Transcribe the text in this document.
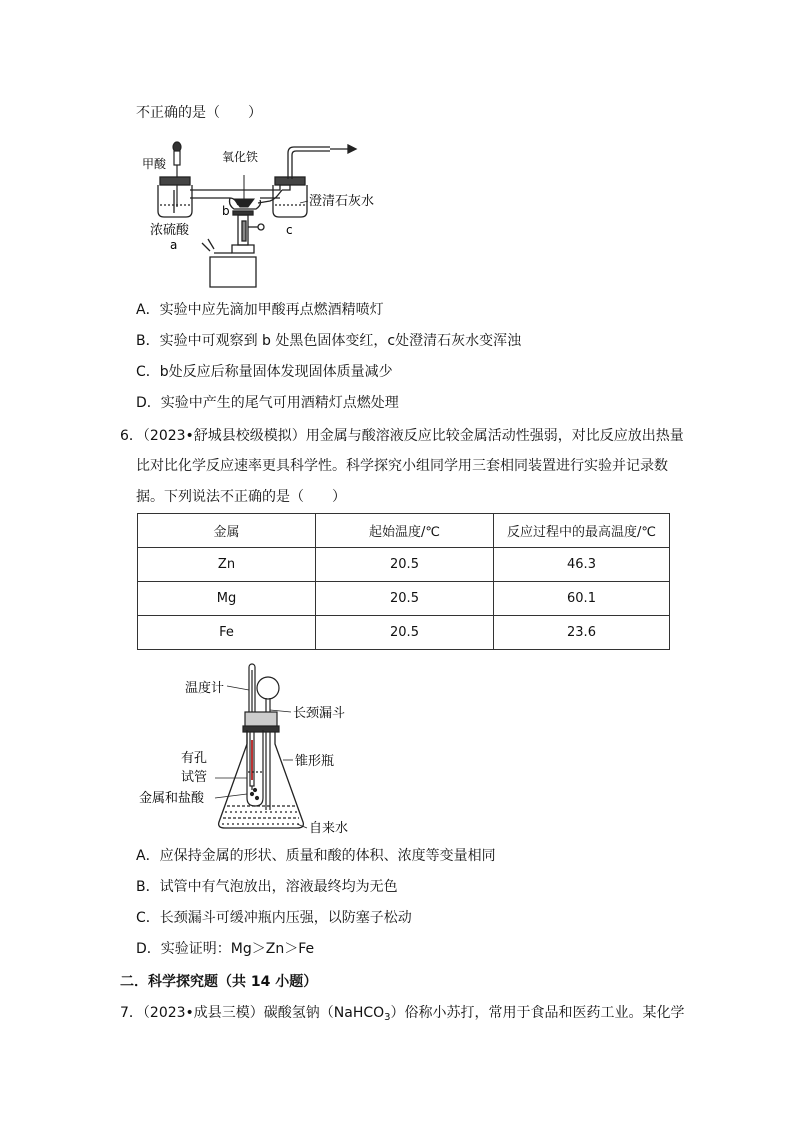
不正确的是（　　）
甲酸	氧化铁
b
澄清石灰水
c
浓硫酸
a
A．实验中应先滴加甲酸再点燃酒精喷灯
B．实验中可观察到 b 处黑色固体变红，c处澄清石灰水变浑浊
C．b处反应后称量固体发现固体质量减少
D．实验中产生的尾气可用酒精灯点燃处理
6．（2023•舒城县校级模拟）用金属与酸溶液反应比较金属活动性强弱，对比反应放出热量
比对比化学反应速率更具科学性。科学探究小组同学用三套相同装置进行实验并记录数
据。下列说法不正确的是（　　）
金属	起始温度/℃	反应过程中的最高温度/℃
Zn	20.5	46.3
Mg	20.5	60.1
Fe	20.5	23.6
温度计
长颈漏斗
有孔
试管
锥形瓶
金属和盐酸
自来水
A．应保持金属的形状、质量和酸的体积、浓度等变量相同
B．试管中有气泡放出，溶液最终均为无色
C．长颈漏斗可缓冲瓶内压强，以防塞子松动
D．实验证明：Mg＞Zn＞Fe
二．科学探究题（共 14 小题）
7．（2023•成县三模）碳酸氢钠（NaHCO$_3$）俗称小苏打，常用于食品和医药工业。某化学
